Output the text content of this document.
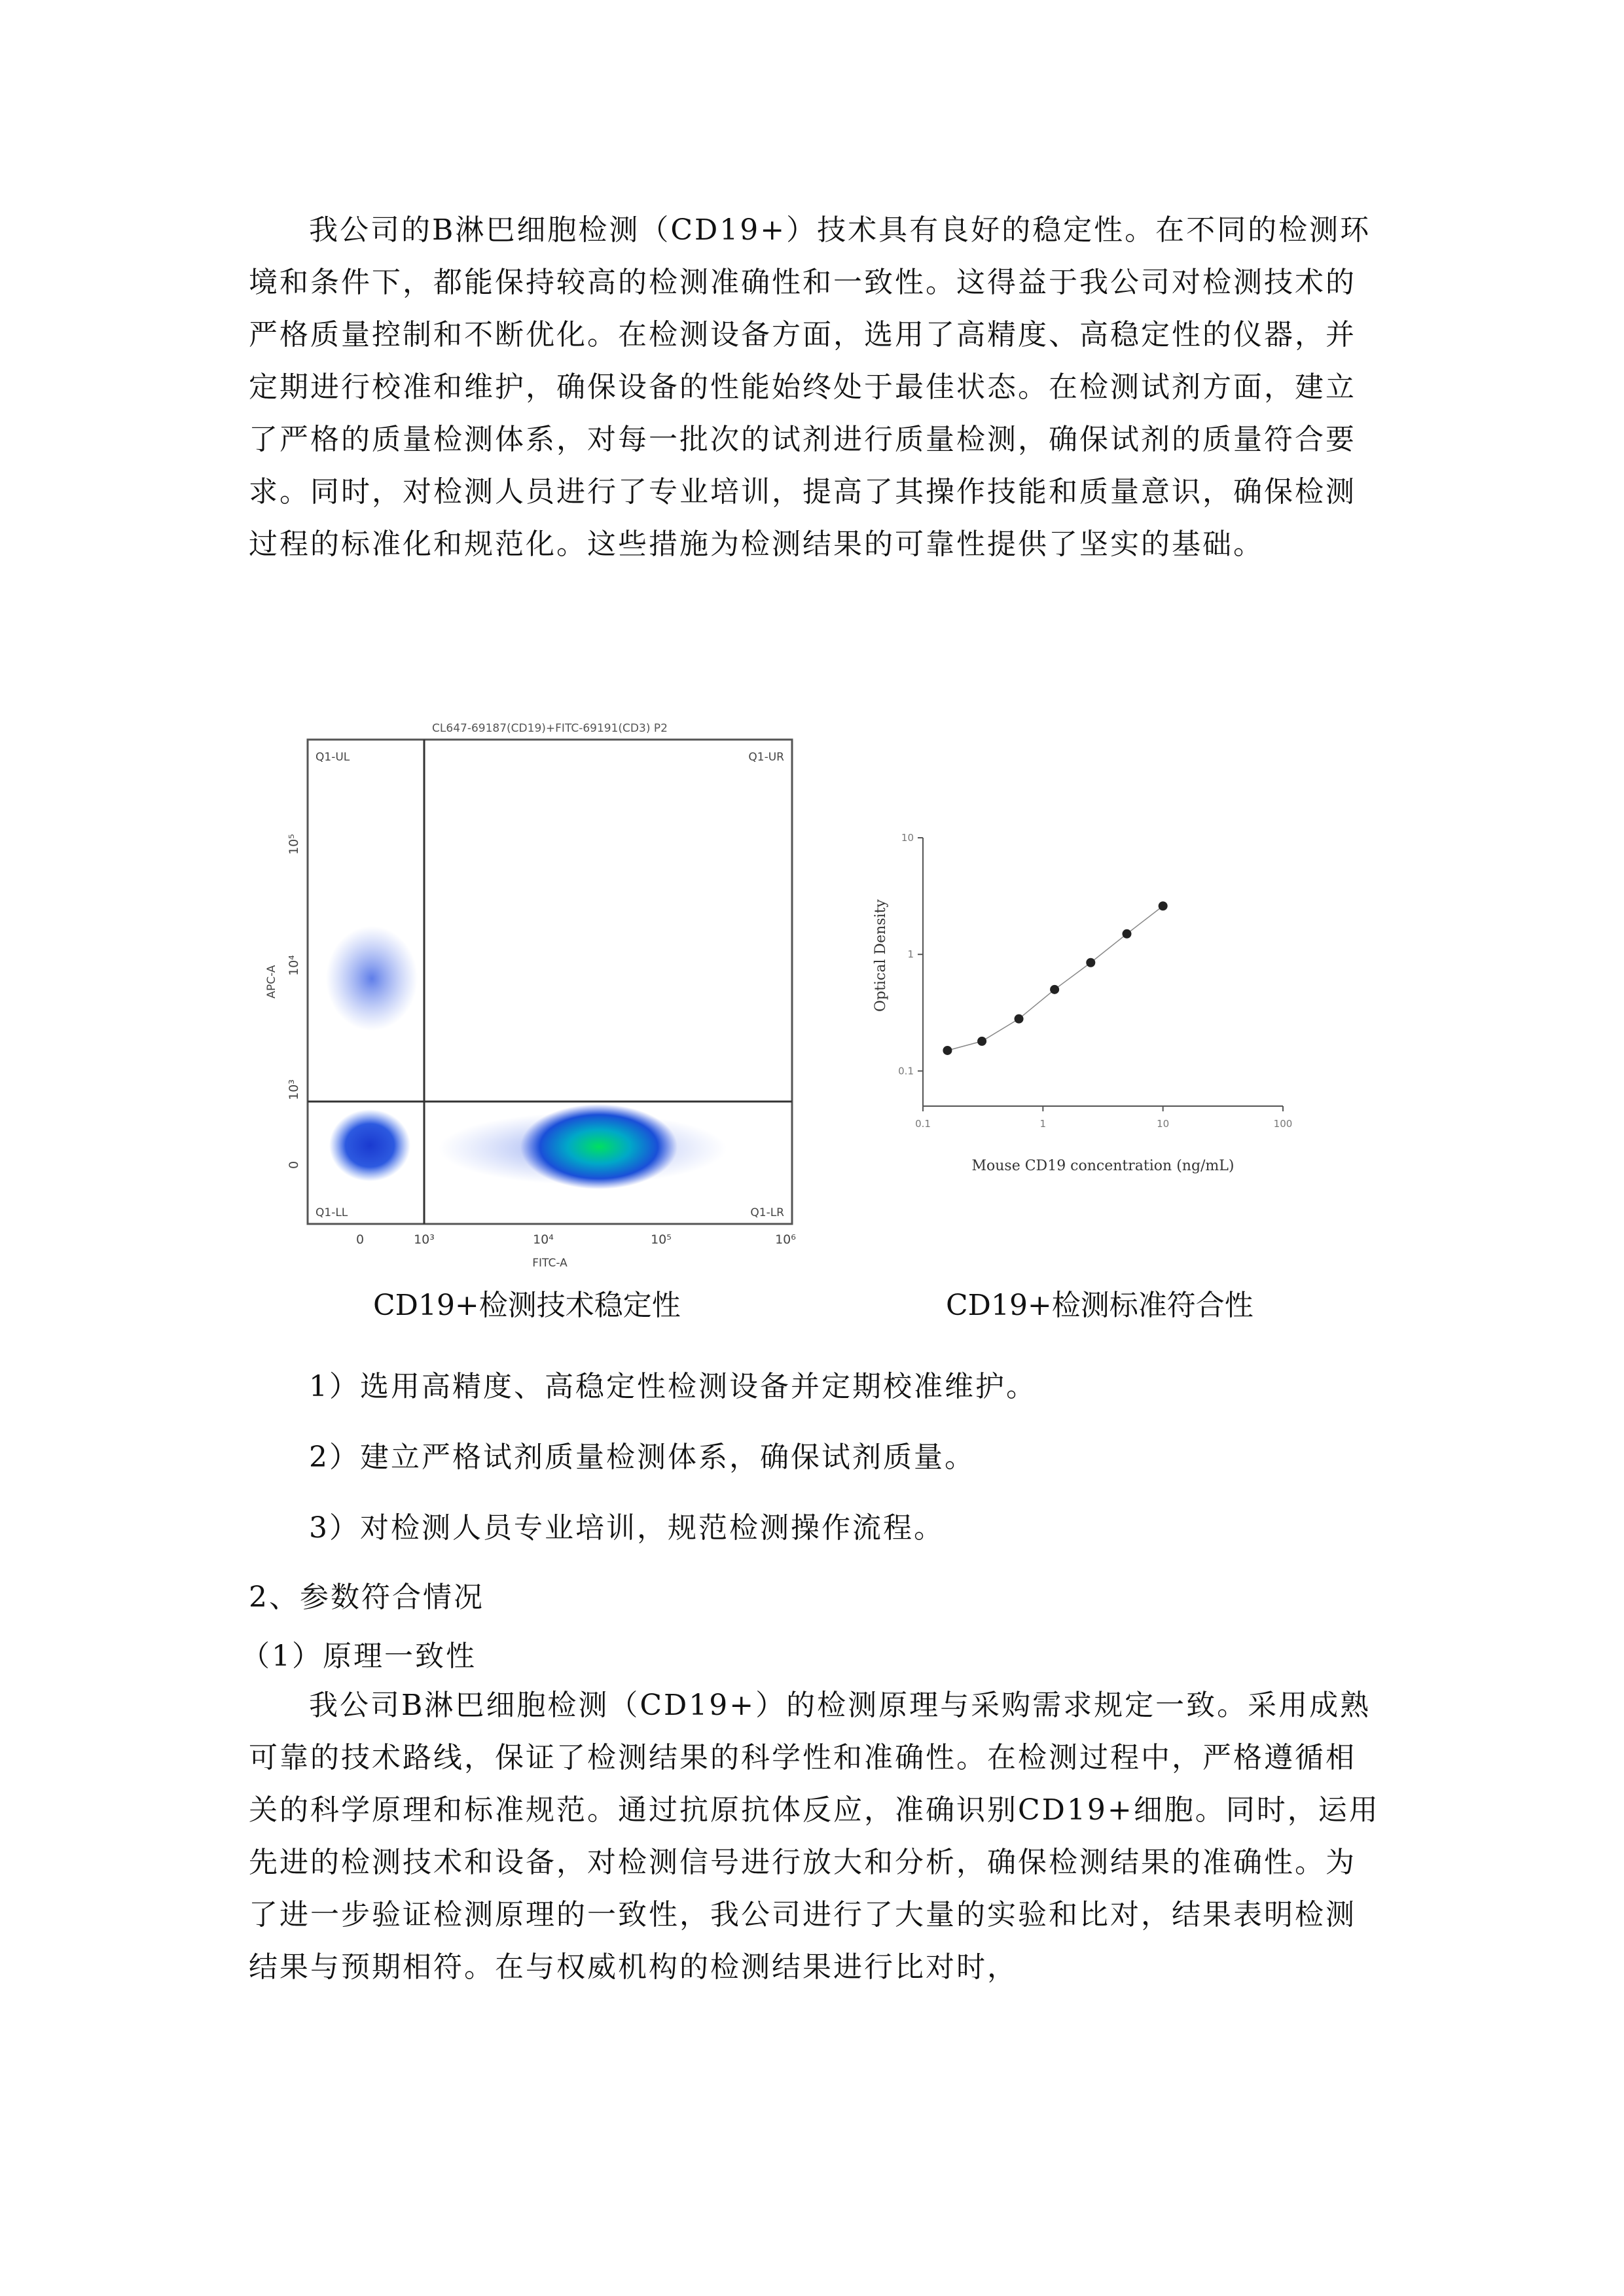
我公司的B淋巴细胞检测（CD19+）技术具有良好的稳定性。在不同的检测环境和条件下，都能保持较高的检测准确性和一致性。这得益于我公司对检测技术的严格质量控制和不断优化。在检测设备方面，选用了高精度、高稳定性的仪器，并定期进行校准和维护，确保设备的性能始终处于最佳状态。在检测试剂方面，建立了严格的质量检测体系，对每一批次的试剂进行质量检测，确保试剂的质量符合要求。同时，对检测人员进行了专业培训，提高了其操作技能和质量意识，确保检测过程的标准化和规范化。这些措施为检测结果的可靠性提供了坚实的基础。
CL647-69187(CD19)+FITC-69191(CD3) P2
Q1-UL	Q1-UR
Q1-LL	Q1-LR
0	10³	10⁴	10⁵	10⁶
FITC-A
0
10³
10⁴
10⁵
APC-A
0.1	1	10	100
0.1
1
10
Mouse CD19 concentration (ng/mL)
Optical Density
CD19+检测技术稳定性	CD19+检测标准符合性
1）选用高精度、高稳定性检测设备并定期校准维护。
2）建立严格试剂质量检测体系，确保试剂质量。
3）对检测人员专业培训，规范检测操作流程。
2、参数符合情况
（1）原理一致性
我公司B淋巴细胞检测（CD19+）的检测原理与采购需求规定一致。采用成熟可靠的技术路线，保证了检测结果的科学性和准确性。在检测过程中，严格遵循相关的科学原理和标准规范。通过抗原抗体反应，准确识别CD19+细胞。同时，运用先进的检测技术和设备，对检测信号进行放大和分析，确保检测结果的准确性。为了进一步验证检测原理的一致性，我公司进行了大量的实验和比对，结果表明检测结果与预期相符。在与权威机构的检测结果进行比对时，
